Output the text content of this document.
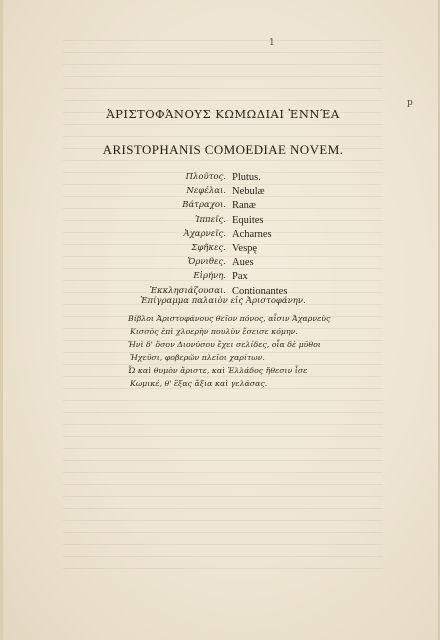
1
p
ἈΡΙΣΤΟΦΆΝΟΥΣ ΚΩΜΩΔΙΑΙ ἘΝΝΈΑ
ARISTOPHANIS COMOEDIAE NOVEM.
Πλοῦτος. Plutus.
Νεφέλαι. Nebulæ
Βάτραχοι. Ranæ
Ἱππεῖς. Equites
Ἀχαρνεῖς. Acharnes
Σφῆκες. Vespę
Ὄρνιθες. Aues
Εἰρήνη. Pax
Ἐκκλησιάζουσαι. Contionantes
Ἐπίγραμμα παλαιὸν εἰς Ἀριστοφάνην.
Βίβλοι Ἀριστοφάνους θεῖον πόνος, αἷσιν Ἀχαρνεὺς
Κισσὸς ἐπὶ χλοερὴν πουλὺν ἔσεισε κόμην.
Ἠνὶ δ' ὅσον Διονύσου ἔχει σελίδες, οἷα δὲ μῦθοι
Ἠχεῦσι, φοβερῶν πλεῖοι χαρίτων.
Ὦ καὶ θυμὸν ἄριστε, καὶ Ἑλλάδος ἤθεσιν ἶσε
Κωμικέ, θ' ἕξας ἄξια καὶ γελάσας.
